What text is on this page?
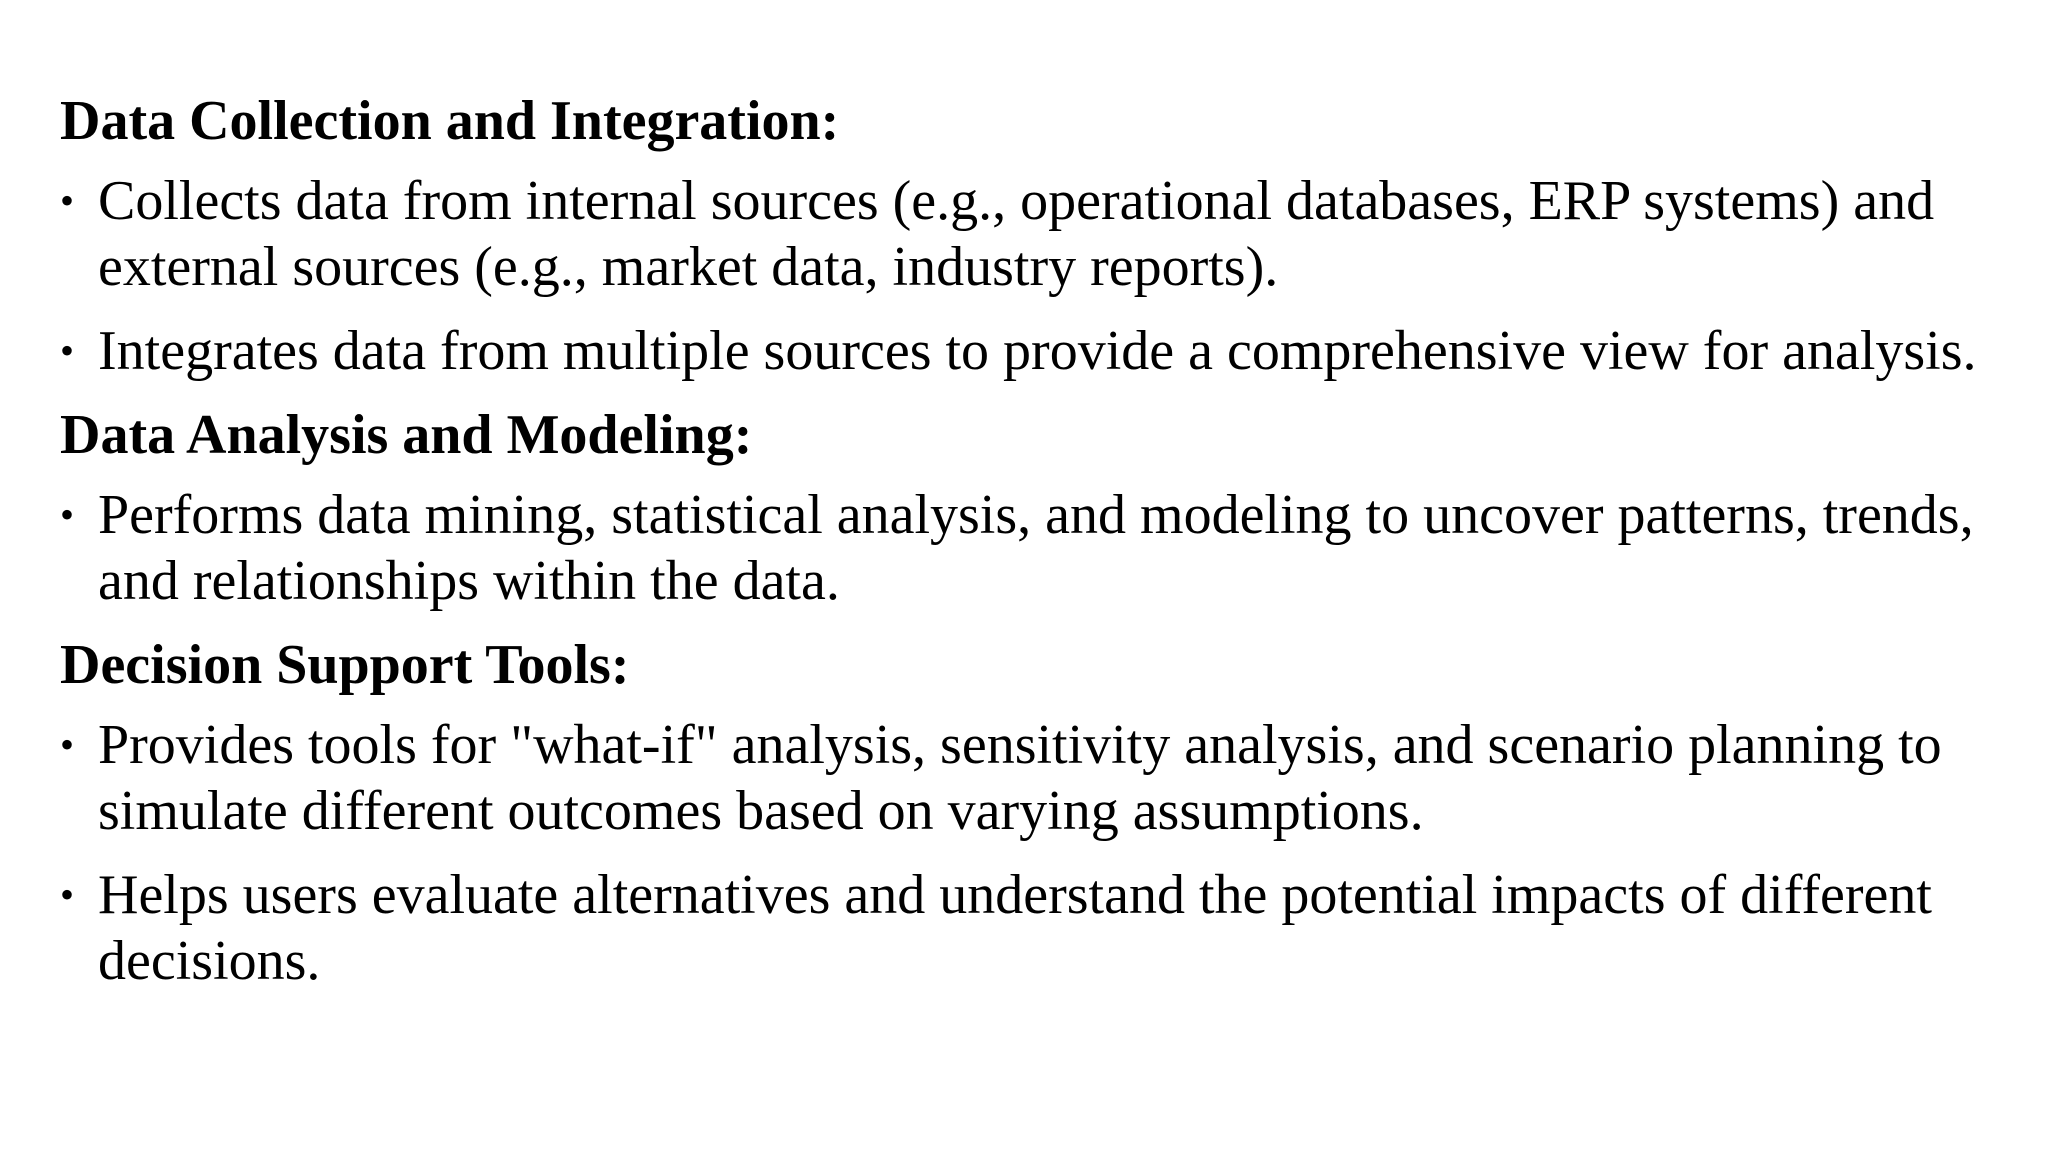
Data Collection and Integration:
• Collects data from internal sources (e.g., operational databases, ERP systems) and external sources (e.g., market data, industry reports).
• Integrates data from multiple sources to provide a comprehensive view for analysis.
Data Analysis and Modeling:
• Performs data mining, statistical analysis, and modeling to uncover patterns, trends, and relationships within the data.
Decision Support Tools:
• Provides tools for "what-if" analysis, sensitivity analysis, and scenario planning to simulate different outcomes based on varying assumptions.
• Helps users evaluate alternatives and understand the potential impacts of different decisions.
